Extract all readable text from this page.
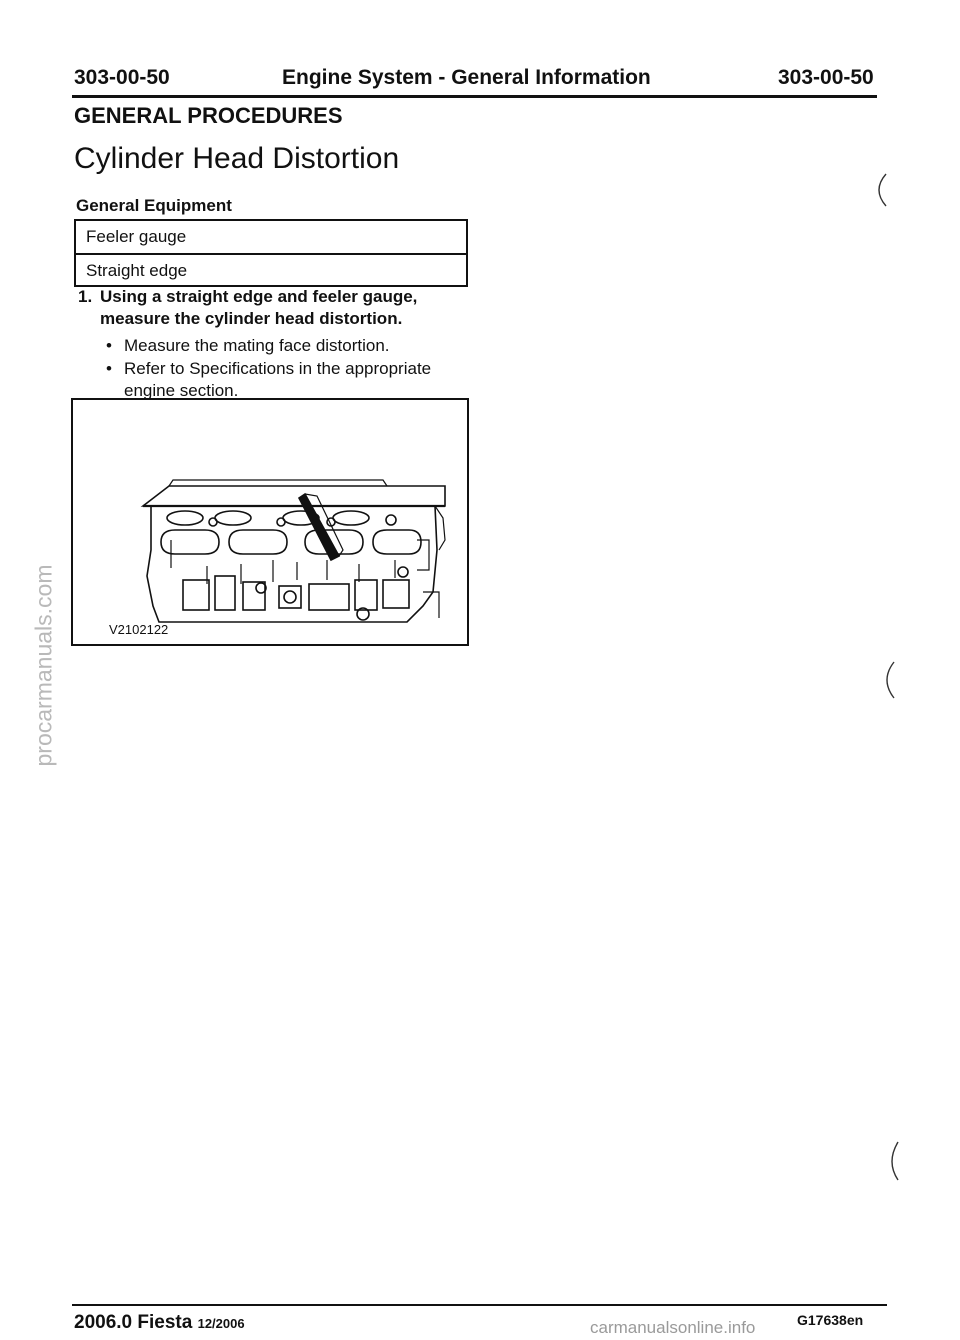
303-00-50	Engine System - General Information	303-00-50
GENERAL PROCEDURES
Cylinder Head Distortion
General Equipment
Feeler gauge
Straight edge
1. Using a straight edge and feeler gauge,
measure the cylinder head distortion.
• Measure the mating face distortion.
• Refer to Specifications in the appropriate
engine section.
V2102122
2006.0 Fiesta 12/2006	G17638en
procarmanuals.com
carmanualsonline.info
